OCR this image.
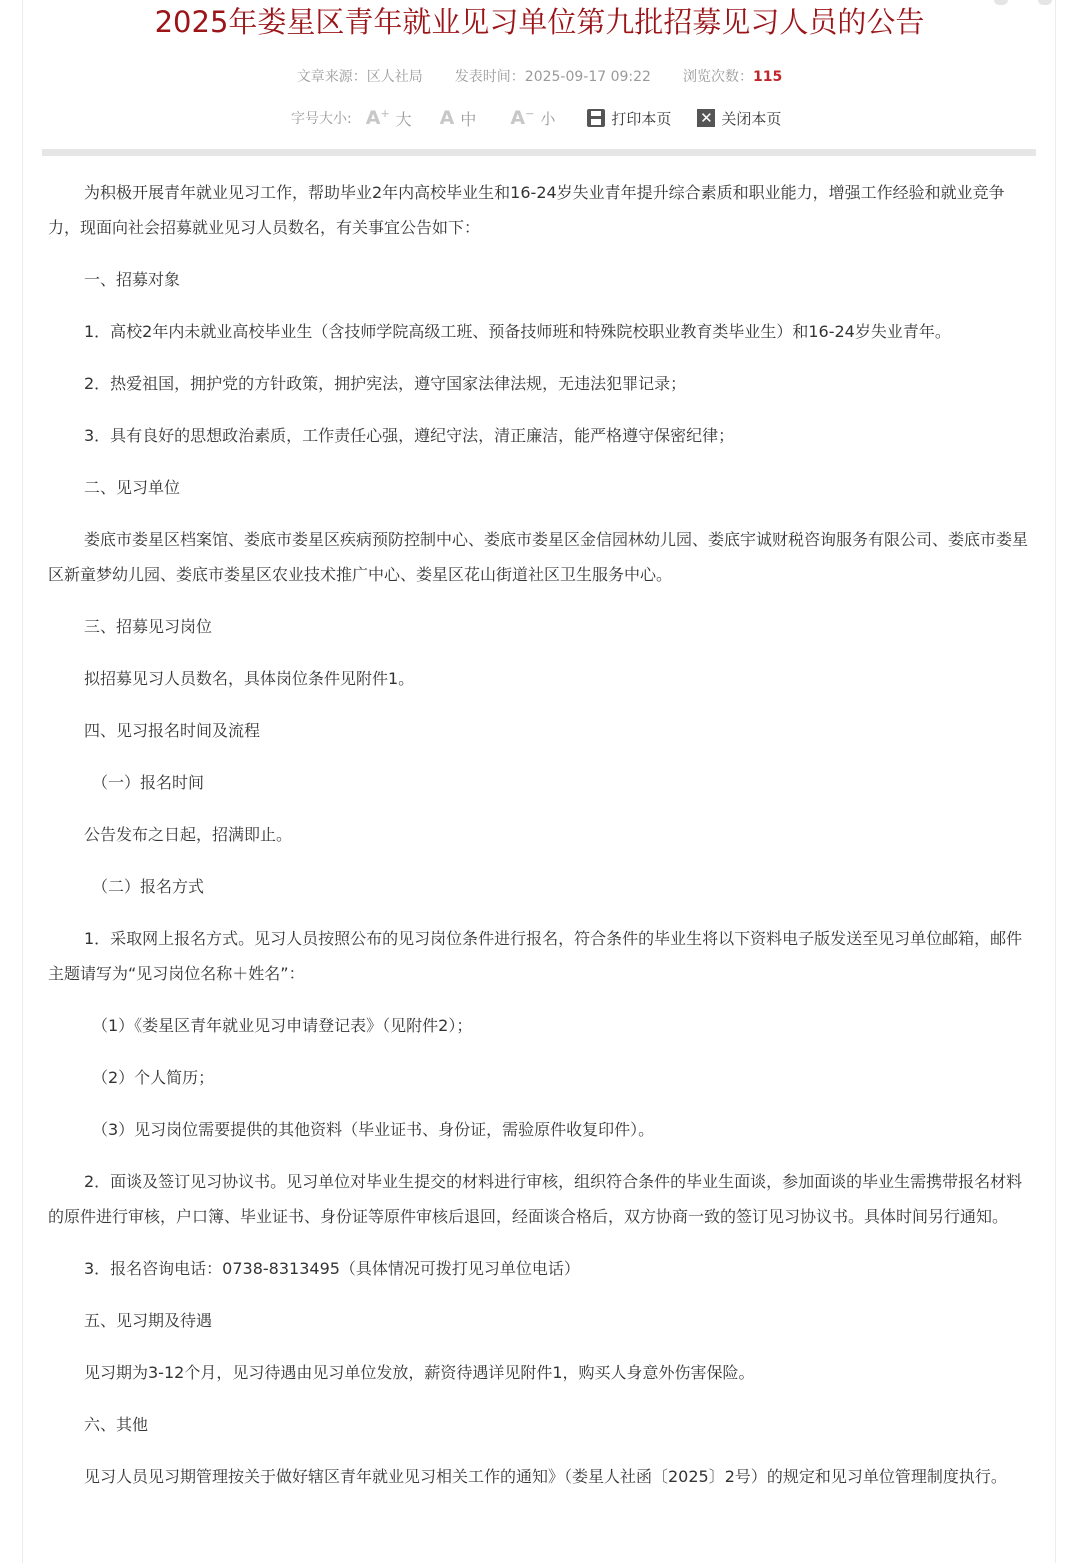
2025年娄星区青年就业见习单位第九批招募见习人员的公告
文章来源：区人社局 发表时间：2025-09-17 09:22 浏览次数：115
字号大小: A+ 大 A 中 A− 小	打印本页 ✕ 关闭本页

为积极开展青年就业见习工作，帮助毕业2年内高校毕业生和16-24岁失业青年提升综合素质和职业能力，增强工作经验和就业竞争力，现面向社会招募就业见习人员数名，有关事宜公告如下：

一、招募对象

1．高校2年内未就业高校毕业生（含技师学院高级工班、预备技师班和特殊院校职业教育类毕业生）和16-24岁失业青年。

2．热爱祖国，拥护党的方针政策，拥护宪法，遵守国家法律法规，无违法犯罪记录；

3．具有良好的思想政治素质，工作责任心强，遵纪守法，清正廉洁，能严格遵守保密纪律；

二、见习单位

娄底市娄星区档案馆、娄底市娄星区疾病预防控制中心、娄底市娄星区金信园林幼儿园、娄底宇诚财税咨询服务有限公司、娄底市娄星区新童梦幼儿园、娄底市娄星区农业技术推广中心、娄星区花山街道社区卫生服务中心。

三、招募见习岗位

拟招募见习人员数名，具体岗位条件见附件1。

四、见习报名时间及流程

（一）报名时间

公告发布之日起，招满即止。

（二）报名方式

1．采取网上报名方式。见习人员按照公布的见习岗位条件进行报名，符合条件的毕业生将以下资料电子版发送至见习单位邮箱，邮件主题请写为“见习岗位名称＋姓名”：

（1）《娄星区青年就业见习申请登记表》（见附件2）；

（2）个人简历；

（3）见习岗位需要提供的其他资料（毕业证书、身份证，需验原件收复印件）。

2．面谈及签订见习协议书。见习单位对毕业生提交的材料进行审核，组织符合条件的毕业生面谈，参加面谈的毕业生需携带报名材料的原件进行审核，户口簿、毕业证书、身份证等原件审核后退回，经面谈合格后，双方协商一致的签订见习协议书。具体时间另行通知。

3．报名咨询电话：0738-8313495（具体情况可拨打见习单位电话）

五、见习期及待遇

见习期为3-12个月，见习待遇由见习单位发放，薪资待遇详见附件1，购买人身意外伤害保险。

六、其他

见习人员见习期管理按关于做好辖区青年就业见习相关工作的通知》（娄星人社函〔2025〕2号）的规定和见习单位管理制度执行。
